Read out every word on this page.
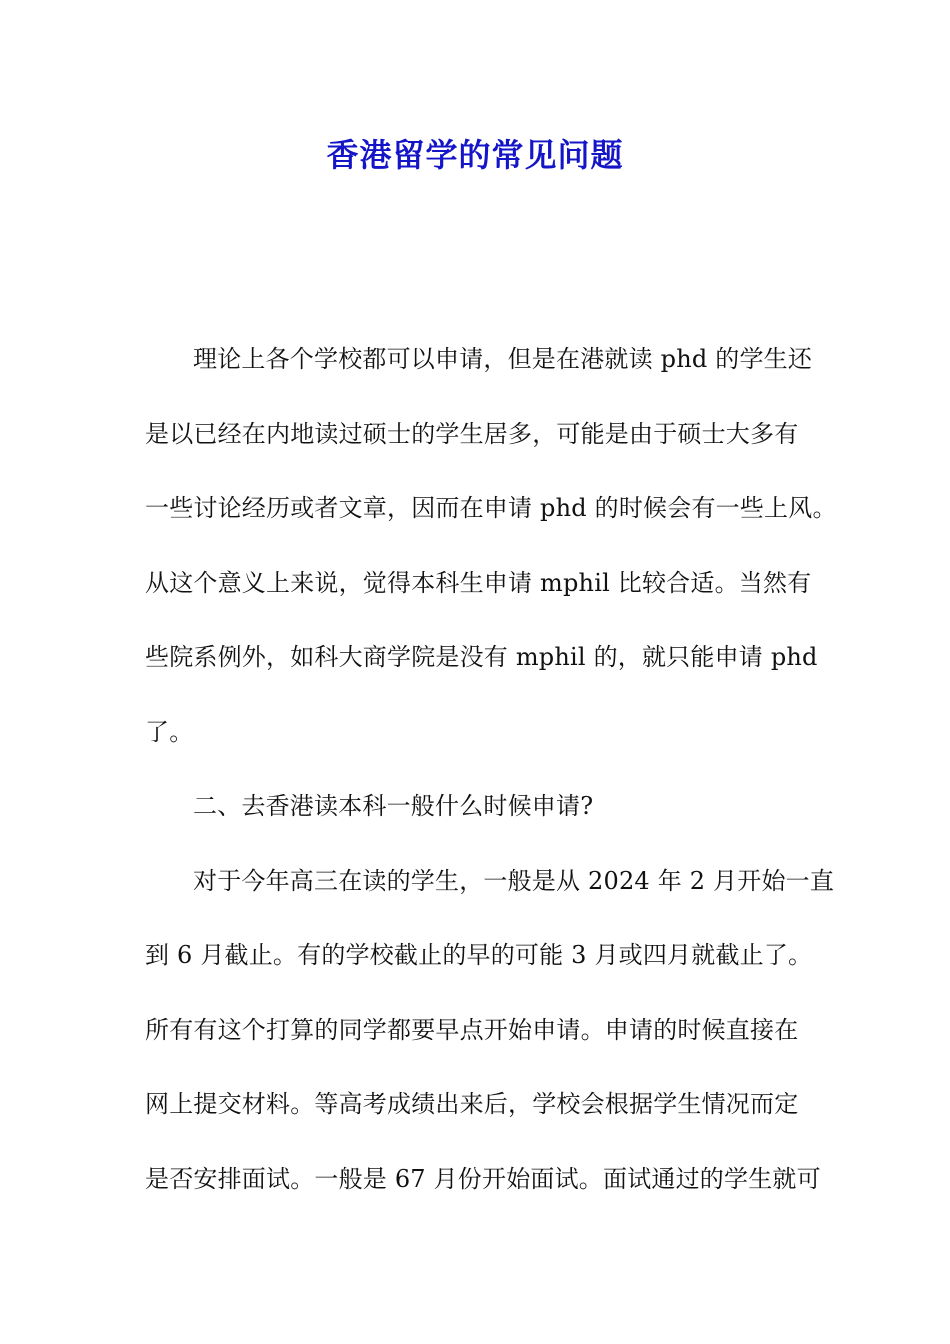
香港留学的常见问题
理论上各个学校都可以申请，但是在港就读 phd 的学生还
是以已经在内地读过硕士的学生居多，可能是由于硕士大多有
一些讨论经历或者文章，因而在申请 phd 的时候会有一些上风。
从这个意义上来说，觉得本科生申请 mphil 比较合适。当然有
些院系例外，如科大商学院是没有 mphil 的，就只能申请 phd
了。
二、去香港读本科一般什么时候申请?
对于今年高三在读的学生，一般是从 2024 年 2 月开始一直
到 6 月截止。有的学校截止的早的可能 3 月或四月就截止了。
所有有这个打算的同学都要早点开始申请。申请的时候直接在
网上提交材料。等高考成绩出来后，学校会根据学生情况而定
是否安排面试。一般是 67 月份开始面试。面试通过的学生就可
